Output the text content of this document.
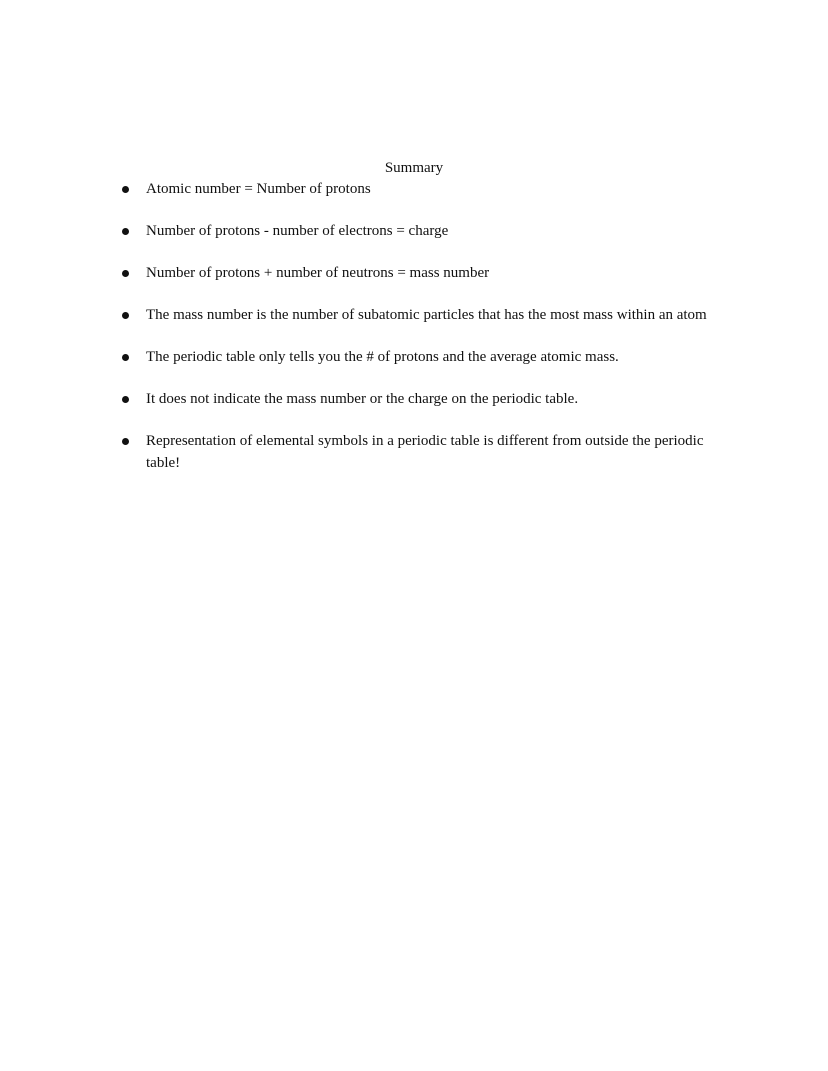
Summary
Atomic number = Number of protons
Number of protons - number of electrons = charge
Number of protons + number of neutrons = mass number
The mass number is the number of subatomic particles that has the most mass within an atom
The periodic table only tells you the # of protons and the average atomic mass.
It does not indicate the mass number or the charge on the periodic table.
Representation of elemental symbols in a periodic table is different from outside the periodic table!
